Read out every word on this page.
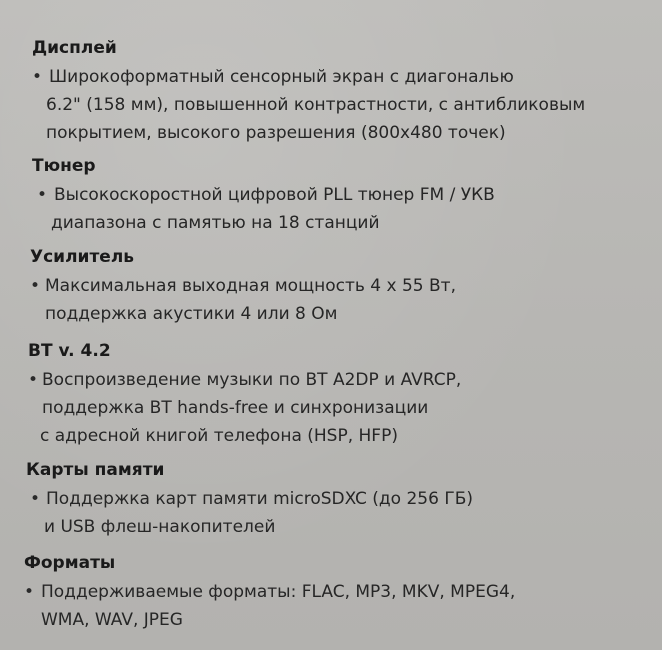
Дисплей
• Широкоформатный сенсорный экран с диагональю
6.2" (158 мм), повышенной контрастности, с антибликовым
покрытием, высокого разрешения (800х480 точек)
Тюнер
• Высокоскоростной цифровой PLL тюнер FM / УКВ
диапазона с памятью на 18 станций
Усилитель
• Максимальная выходная мощность 4 х 55 Вт,
поддержка акустики 4 или 8 Ом
BT v. 4.2
• Воспроизведение музыки по BT A2DP и AVRCP,
поддержка BT hands-free и синхронизации
с адресной книгой телефона (HSP, HFP)
Карты памяти
• Поддержка карт памяти microSDXC (до 256 ГБ)
и USB флеш-накопителей
Форматы
• Поддерживаемые форматы: FLAC, MP3, MKV, MPEG4,
WMA, WAV, JPEG
